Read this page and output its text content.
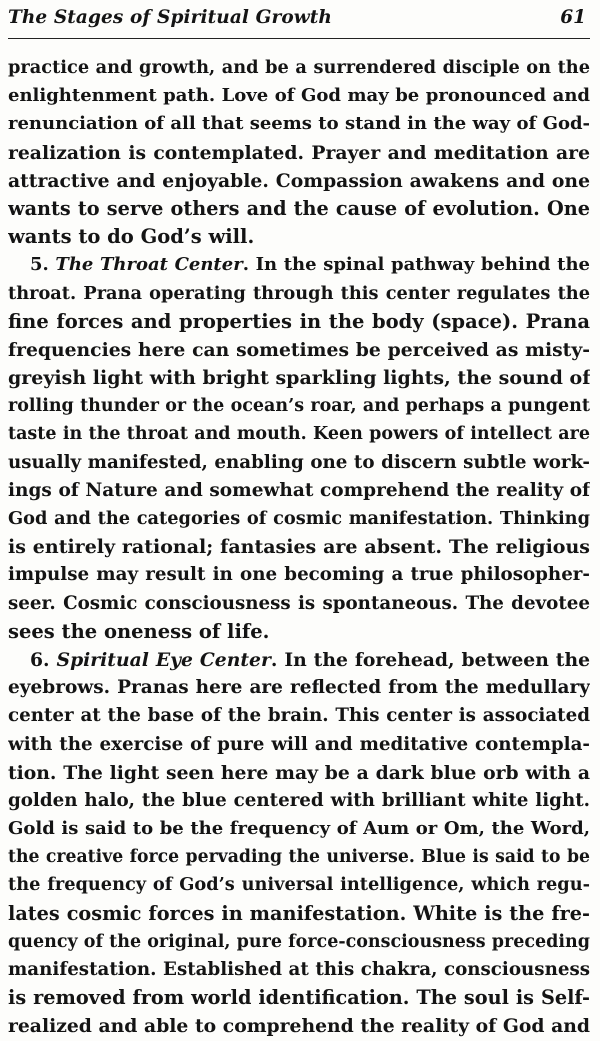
The Stages of Spiritual Growth	61
practice and growth, and be a surrendered disciple on the
enlightenment path. Love of God may be pronounced and
renunciation of all that seems to stand in the way of God-
realization is contemplated. Prayer and meditation are
attractive and enjoyable. Compassion awakens and one
wants to serve others and the cause of evolution. One
wants to do God’s will.
5. The Throat Center. In the spinal pathway behind the
throat. Prana operating through this center regulates the
fine forces and properties in the body (space). Prana
frequencies here can sometimes be perceived as misty-
greyish light with bright sparkling lights, the sound of
rolling thunder or the ocean’s roar, and perhaps a pungent
taste in the throat and mouth. Keen powers of intellect are
usually manifested, enabling one to discern subtle work-
ings of Nature and somewhat comprehend the reality of
God and the categories of cosmic manifestation. Thinking
is entirely rational; fantasies are absent. The religious
impulse may result in one becoming a true philosopher-
seer. Cosmic consciousness is spontaneous. The devotee
sees the oneness of life.
6. Spiritual Eye Center. In the forehead, between the
eyebrows. Pranas here are reflected from the medullary
center at the base of the brain. This center is associated
with the exercise of pure will and meditative contempla-
tion. The light seen here may be a dark blue orb with a
golden halo, the blue centered with brilliant white light.
Gold is said to be the frequency of Aum or Om, the Word,
the creative force pervading the universe. Blue is said to be
the frequency of God’s universal intelligence, which regu-
lates cosmic forces in manifestation. White is the fre-
quency of the original, pure force-consciousness preceding
manifestation. Established at this chakra, consciousness
is removed from world identification. The soul is Self-
realized and able to comprehend the reality of God and
